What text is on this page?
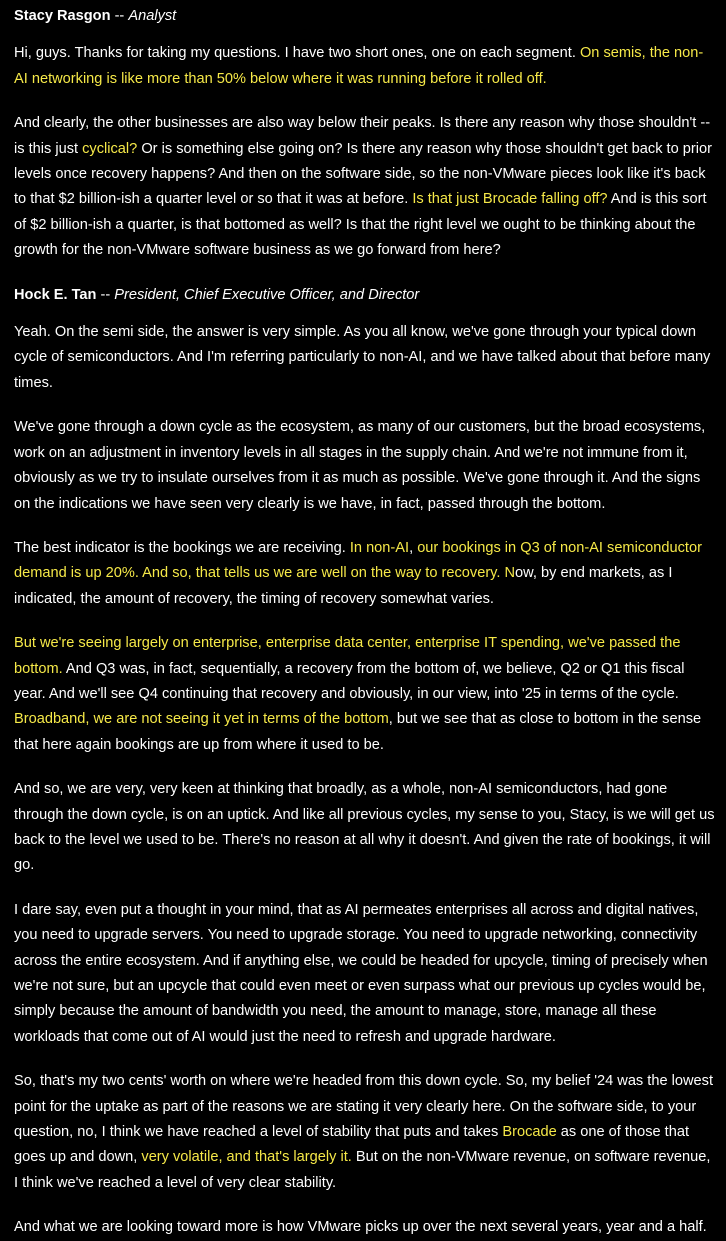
Stacy Rasgon -- Analyst

Hi, guys. Thanks for taking my questions. I have two short ones, one on each segment. On semis, the non-AI networking is like more than 50% below where it was running before it rolled off.

And clearly, the other businesses are also way below their peaks. Is there any reason why those shouldn't -- is this just cyclical? Or is something else going on? Is there any reason why those shouldn't get back to prior levels once recovery happens? And then on the software side, so the non-VMware pieces look like it's back to that $2 billion-ish a quarter level or so that it was at before. Is that just Brocade falling off? And is this sort of $2 billion-ish a quarter, is that bottomed as well? Is that the right level we ought to be thinking about the growth for the non-VMware software business as we go forward from here?

Hock E. Tan -- President, Chief Executive Officer, and Director

Yeah. On the semi side, the answer is very simple. As you all know, we've gone through your typical down cycle of semiconductors. And I'm referring particularly to non-AI, and we have talked about that before many times.

We've gone through a down cycle as the ecosystem, as many of our customers, but the broad ecosystems, work on an adjustment in inventory levels in all stages in the supply chain. And we're not immune from it, obviously as we try to insulate ourselves from it as much as possible. We've gone through it. And the signs on the indications we have seen very clearly is we have, in fact, passed through the bottom.

The best indicator is the bookings we are receiving. In non-AI, our bookings in Q3 of non-AI semiconductor demand is up 20%. And so, that tells us we are well on the way to recovery. Now, by end markets, as I indicated, the amount of recovery, the timing of recovery somewhat varies.

But we're seeing largely on enterprise, enterprise data center, enterprise IT spending, we've passed the bottom. And Q3 was, in fact, sequentially, a recovery from the bottom of, we believe, Q2 or Q1 this fiscal year. And we'll see Q4 continuing that recovery and obviously, in our view, into '25 in terms of the cycle. Broadband, we are not seeing it yet in terms of the bottom, but we see that as close to bottom in the sense that here again bookings are up from where it used to be.

And so, we are very, very keen at thinking that broadly, as a whole, non-AI semiconductors, had gone through the down cycle, is on an uptick. And like all previous cycles, my sense to you, Stacy, is we will get us back to the level we used to be. There's no reason at all why it doesn't. And given the rate of bookings, it will go.

I dare say, even put a thought in your mind, that as AI permeates enterprises all across and digital natives, you need to upgrade servers. You need to upgrade storage. You need to upgrade networking, connectivity across the entire ecosystem. And if anything else, we could be headed for upcycle, timing of precisely when we're not sure, but an upcycle that could even meet or even surpass what our previous up cycles would be, simply because the amount of bandwidth you need, the amount to manage, store, manage all these workloads that come out of AI would just the need to refresh and upgrade hardware.

So, that's my two cents' worth on where we're headed from this down cycle. So, my belief '24 was the lowest point for the uptake as part of the reasons we are stating it very clearly here. On the software side, to your question, no, I think we have reached a level of stability that puts and takes Brocade as one of those that goes up and down, very volatile, and that's largely it. But on the non-VMware revenue, on software revenue, I think we've reached a level of very clear stability.

And what we are looking toward more is how VMware picks up over the next several years, year and a half.
